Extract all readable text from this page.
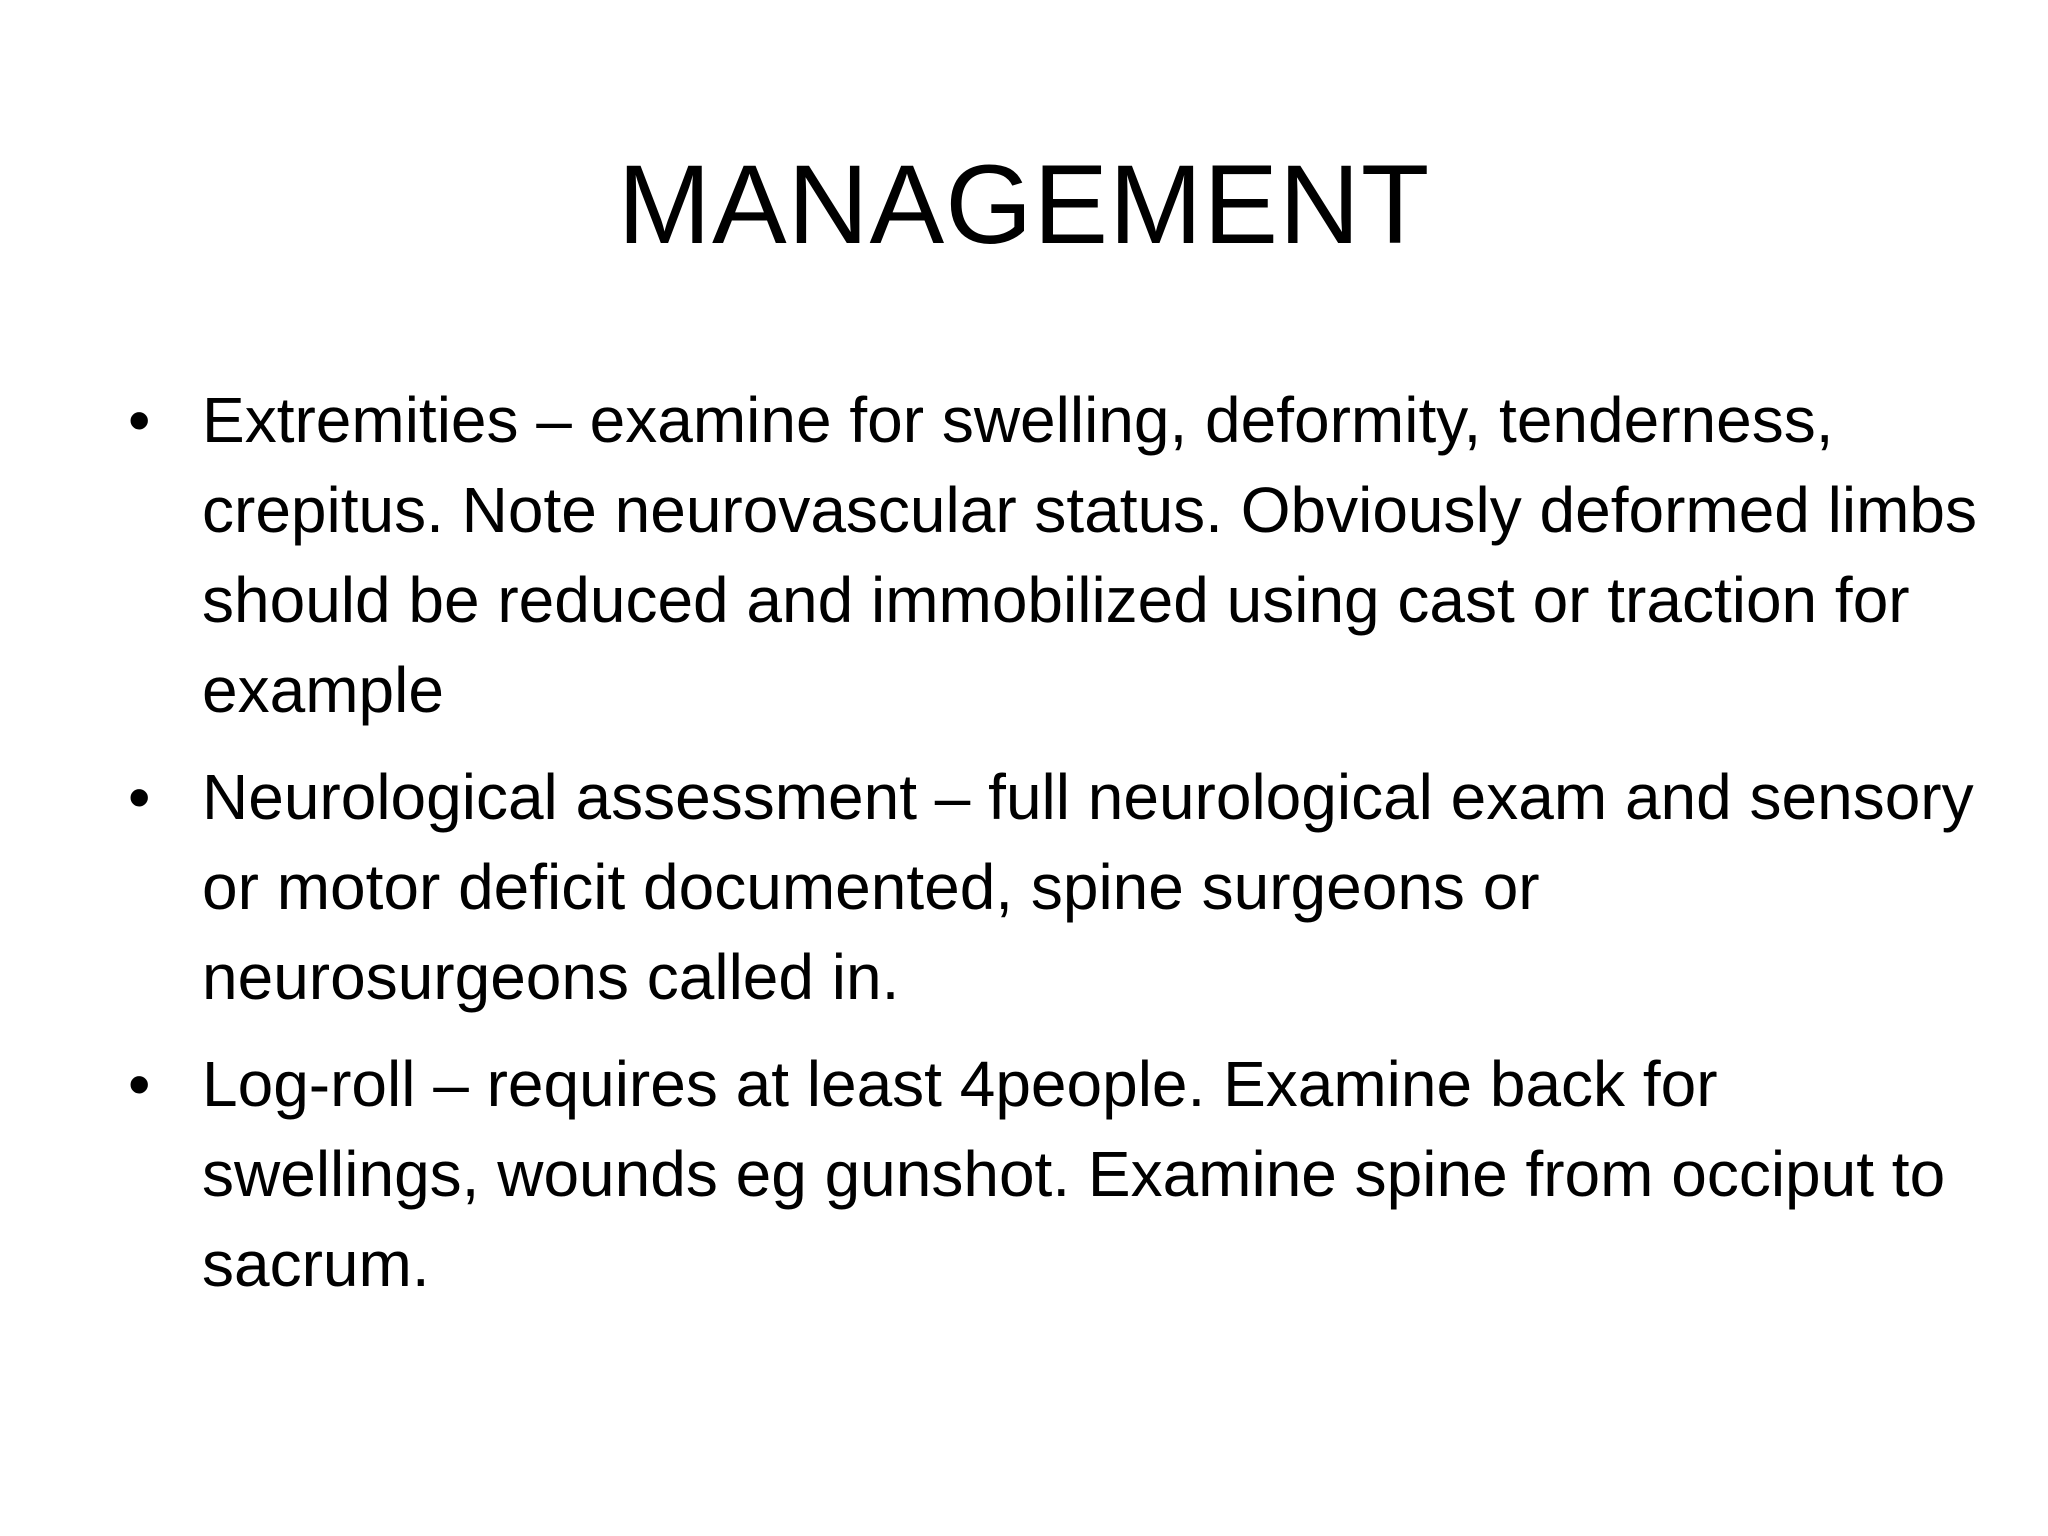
MANAGEMENT
• Extremities – examine for swelling, deformity, tenderness, crepitus. Note neurovascular status. Obviously deformed limbs should be reduced and immobilized using cast or traction for example
• Neurological assessment – full neurological exam and sensory or motor deficit documented, spine surgeons or neurosurgeons called in.
• Log-roll – requires at least 4people. Examine back for swellings, wounds eg gunshot. Examine spine from occiput to sacrum.
